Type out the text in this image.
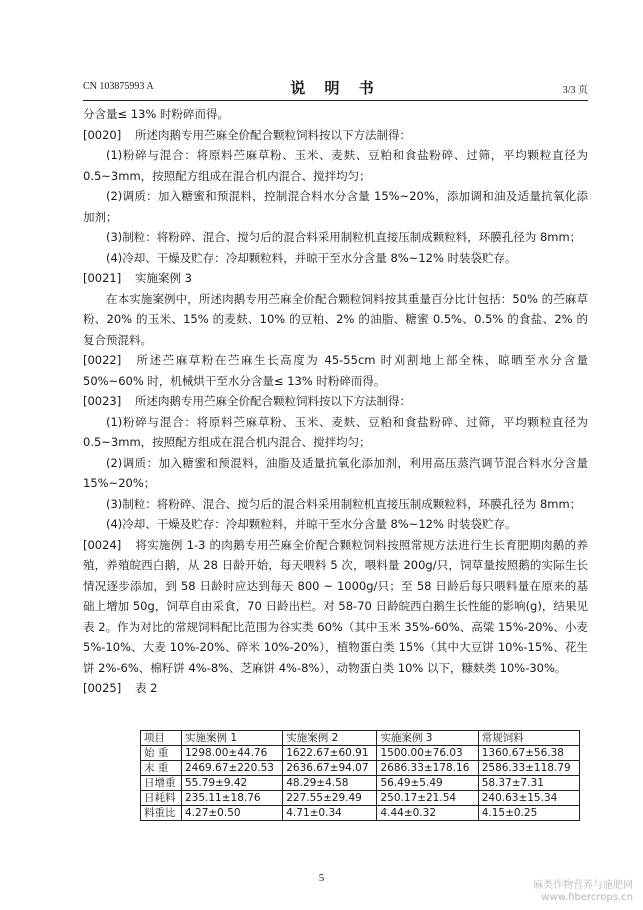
CN 103875993 A	说 明 书	3/3 页

分含量≤ 13% 时粉碎而得。

[0020] 所述肉鹅专用苎麻全价配合颗粒饲料按以下方法制得：

(1)粉碎与混合：将原料苎麻草粉、玉米、麦麸、豆粕和食盐粉碎、过筛，平均颗粒直径为 0.5~3mm，按照配方组成在混合机内混合、搅拌均匀；

(2)调质：加入糖蜜和预混料，控制混合料水分含量 15%~20%，添加调和油及适量抗氧化添加剂；

(3)制粒：将粉碎、混合、搅匀后的混合料采用制粒机直接压制成颗粒料，环膜孔径为 8mm；

(4)冷却、干燥及贮存：冷却颗粒料，并晾干至水分含量 8%~12% 时装袋贮存。

[0021] 实施案例 3

在本实施案例中，所述肉鹅专用苎麻全价配合颗粒饲料按其重量百分比计包括：50% 的苎麻草粉、20% 的玉米、15% 的麦麸、10% 的豆粕、2% 的油脂、糖蜜 0.5%、0.5% 的食盐、2% 的复合预混料。

[0022] 所述苎麻草粉在苎麻生长高度为 45-55cm 时刈割地上部全株，晾晒至水分含量 50%~60% 时，机械烘干至水分含量≤ 13% 时粉碎而得。

[0023] 所述肉鹅专用苎麻全价配合颗粒饲料按以下方法制得：

(1)粉碎与混合：将原料苎麻草粉、玉米、麦麸、豆粕和食盐粉碎、过筛，平均颗粒直径为 0.5~3mm，按照配方组成在混合机内混合、搅拌均匀；

(2)调质：加入糖蜜和预混料，油脂及适量抗氧化添加剂，利用高压蒸汽调节混合料水分含量 15%~20%；

(3)制粒：将粉碎、混合、搅匀后的混合料采用制粒机直接压制成颗粒料，环膜孔径为 8mm；

(4)冷却、干燥及贮存：冷却颗粒料，并晾干至水分含量 8%~12% 时装袋贮存。

[0024] 将实施例 1-3 的肉鹅专用苎麻全价配合颗粒饲料按照常规方法进行生长育肥期肉鹅的养殖，养殖皖西白鹅，从 28 日龄开始，每天喂料 5 次，喂料量 200g/只，饲草量按照鹅的实际生长情况逐步添加，到 58 日龄时应达到每天 800 ~ 1000g/只；至 58 日龄后每只喂料量在原来的基础上增加 50g，饲草自由采食，70 日龄出栏。对 58-70 日龄皖西白鹅生长性能的影响(g)，结果见表 2。作为对比的常规饲料配比范围为谷实类 60%（其中玉米 35%-60%、高粱 15%-20%、小麦 5%-10%、大麦 10%-20%、碎米 10%-20%），植物蛋白类 15%（其中大豆饼 10%-15%、花生饼 2%-6%、棉籽饼 4%-8%、芝麻饼 4%-8%），动物蛋白类 10% 以下，糠麸类 10%-30%。

[0025] 表 2

项目	实施案例 1	实施案例 2	实施案例 3	常规饲料
始 重	1298.00±44.76	1622.67±60.91	1500.00±76.03	1360.67±56.38
末 重	2469.67±220.53	2636.67±94.07	2686.33±178.16	2586.33±118.79
日增重	55.79±9.42	48.29±4.58	56.49±5.49	58.37±7.31
日耗料	235.11±18.76	227.55±29.49	250.17±21.54	240.63±15.34
料重比	4.27±0.50	4.71±0.34	4.44±0.32	4.15±0.25
5
麻类作物营养与施肥网
www.fibercrops.cn
